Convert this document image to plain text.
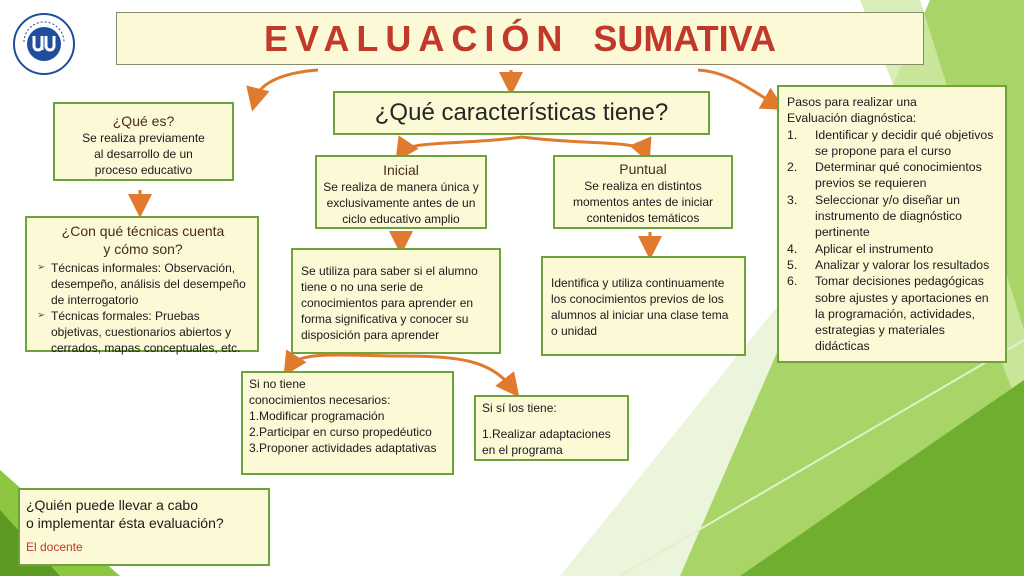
EVALUACIÓN SUMATIVA
¿Qué características tiene?
¿Qué es?
Se realiza previamente al desarrollo de un proceso educativo
¿Con qué técnicas cuenta
y cómo son?
➢ Técnicas informales: Observación, desempeño, análisis del desempeño de interrogatorio
➢ Técnicas formales: Pruebas objetivas, cuestionarios abiertos y cerrados, mapas conceptuales, etc.
Inicial
Se realiza de manera única y exclusivamente antes de un ciclo educativo amplio
Puntual
Se realiza en distintos momentos antes de iniciar contenidos temáticos
Se utiliza para saber si el alumno tiene o no una serie de conocimientos para aprender en forma significativa y conocer su disposición para aprender
Identifica y utiliza continuamente los conocimientos previos de los alumnos al iniciar una clase tema o unidad
Pasos para realizar una
Evaluación diagnóstica:
1. Identificar y decidir qué objetivos se propone para el curso
2. Determinar qué conocimientos previos se requieren
3. Seleccionar y/o diseñar un instrumento de diagnóstico pertinente
4. Aplicar el instrumento
5. Analizar y valorar los resultados
6. Tomar decisiones pedagógicas sobre ajustes y aportaciones en la programación, actividades, estrategias y materiales didácticas
Si no tiene
conocimientos necesarios:
1.Modificar programación
2.Participar en curso propedéutico
3.Proponer actividades adaptativas
Si sí los tiene:
1.Realizar adaptaciones en el programa
¿Quién puede llevar a cabo
o implementar ésta evaluación?
El docente
